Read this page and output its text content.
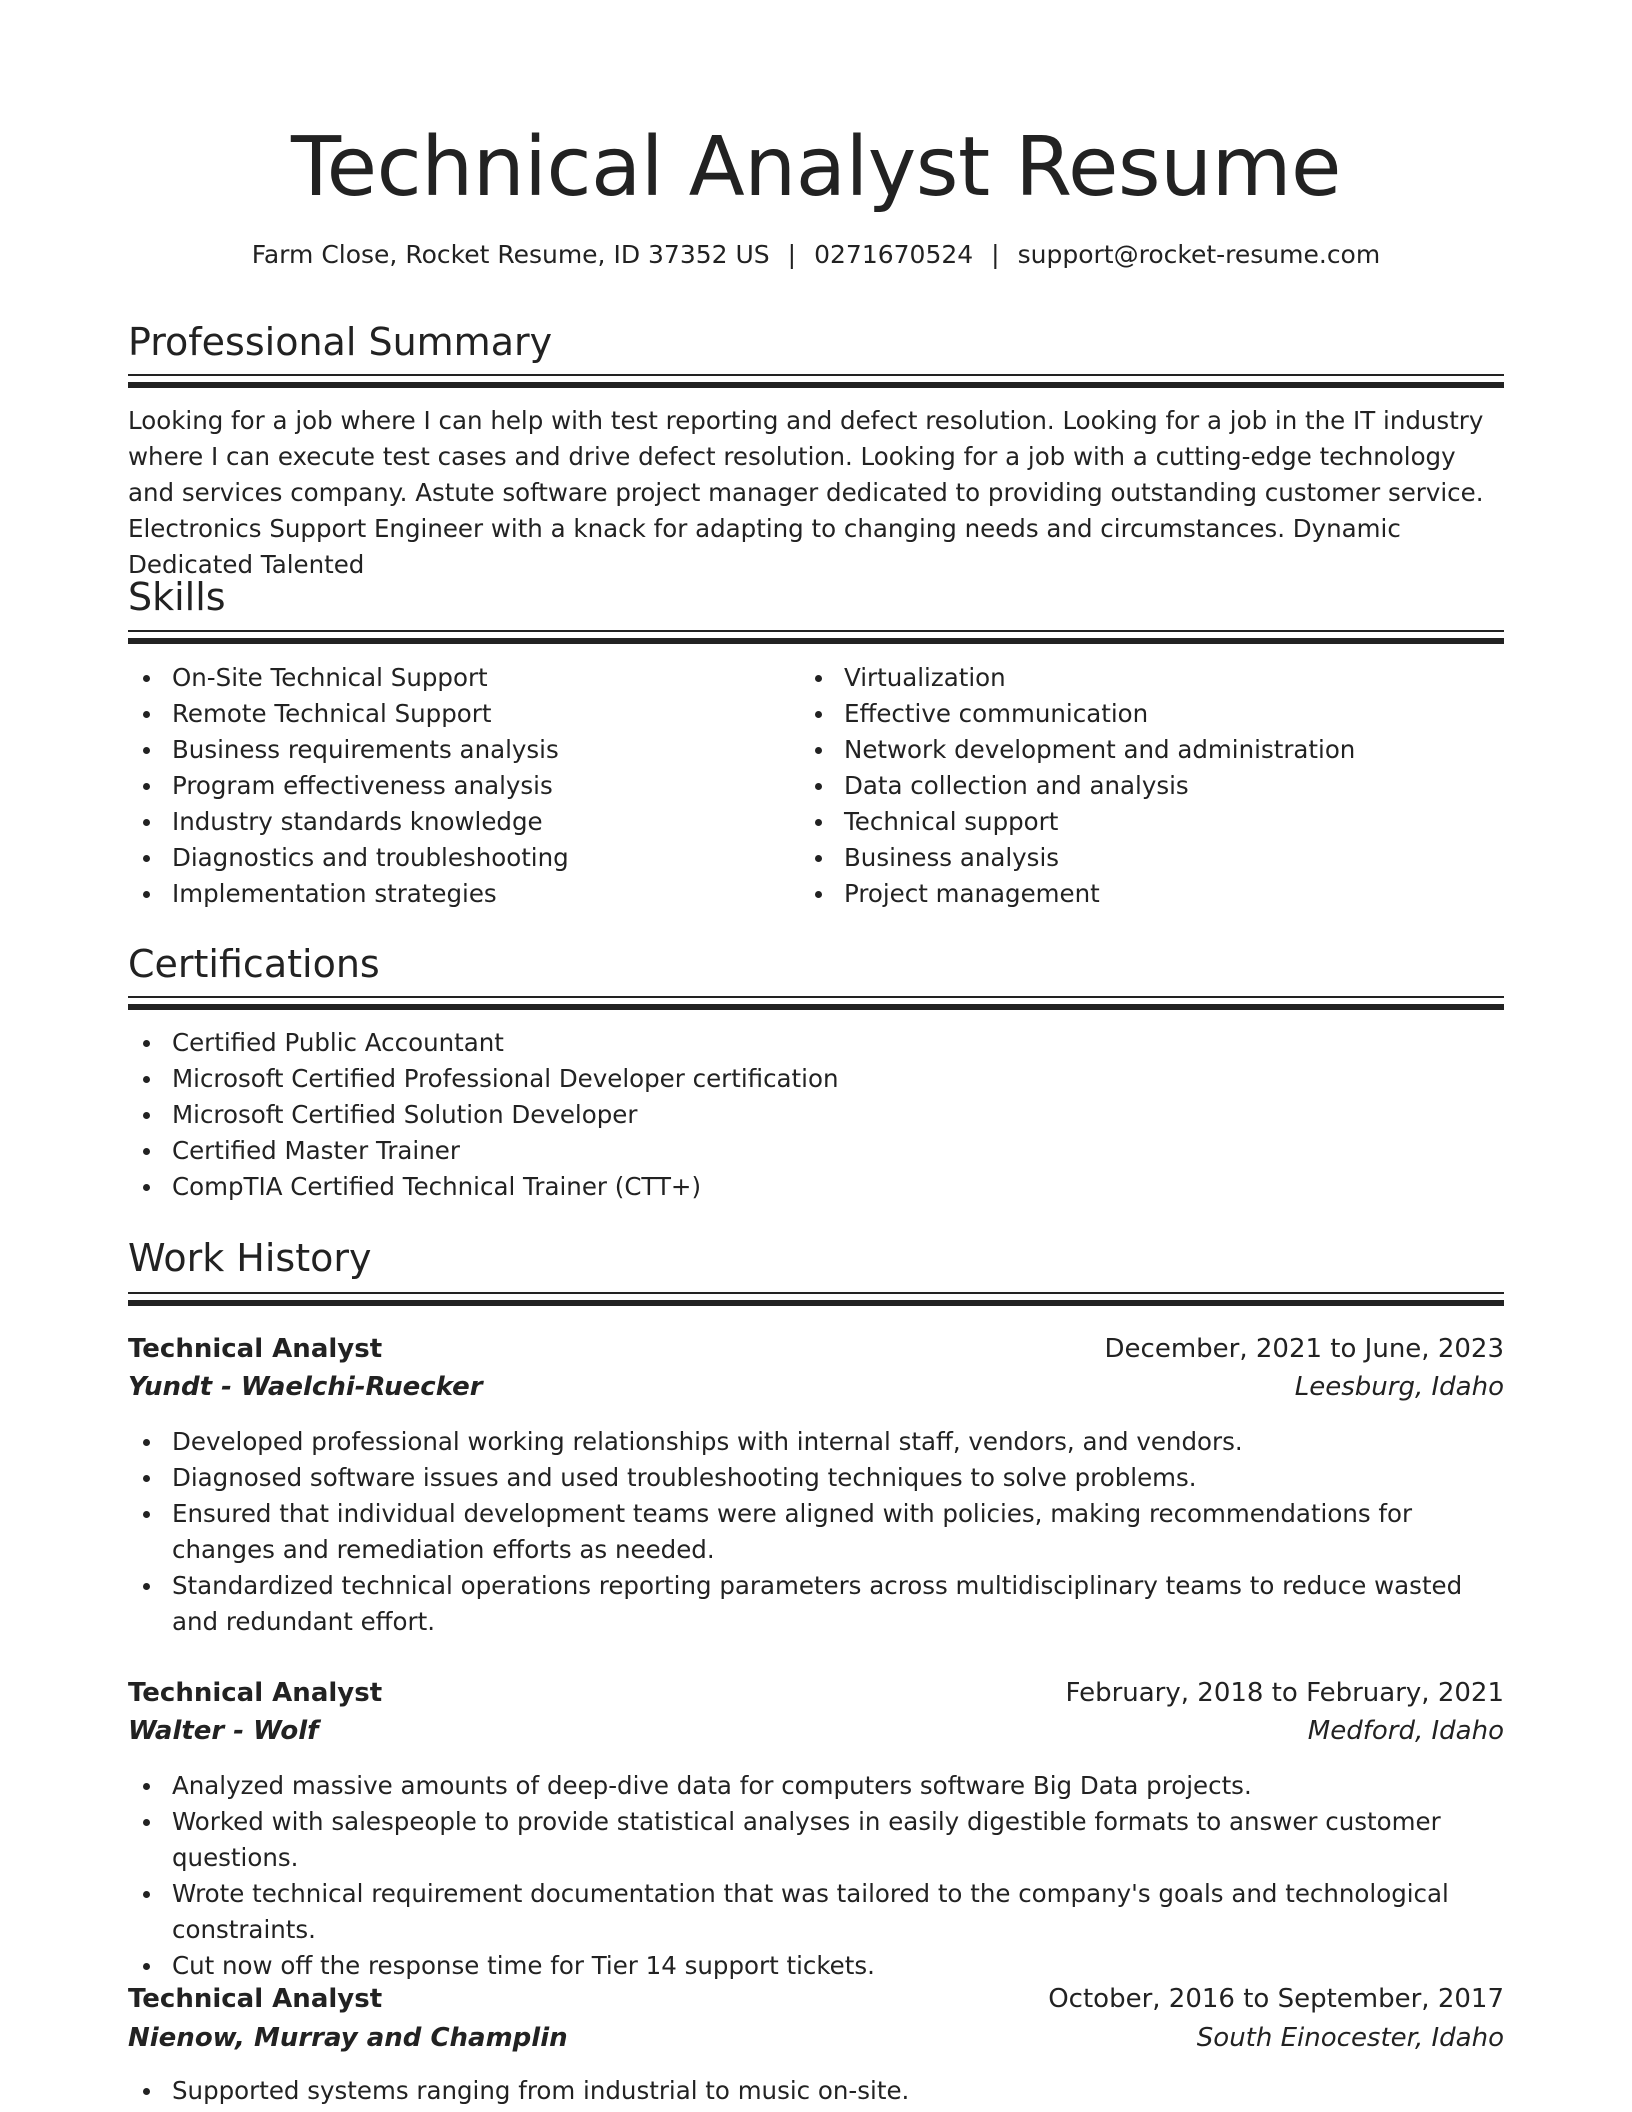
Technical Analyst Resume
Farm Close, Rocket Resume, ID 37352 US | 0271670524 | support@rocket-resume.com
Professional Summary

Looking for a job where I can help with test reporting and defect resolution. Looking for a job in the IT industry where I can execute test cases and drive defect resolution. Looking for a job with a cutting-edge technology and services company. Astute software project manager dedicated to providing outstanding customer service. Electronics Support Engineer with a knack for adapting to changing needs and circumstances. Dynamic Dedicated Talented

Skills
On-Site Technical Support
Remote Technical Support
Business requirements analysis
Program effectiveness analysis
Industry standards knowledge
Diagnostics and troubleshooting
Implementation strategies
Virtualization
Effective communication
Network development and administration
Data collection and analysis
Technical support
Business analysis
Project management
Certifications
Certified Public Accountant
Microsoft Certified Professional Developer certification
Microsoft Certified Solution Developer
Certified Master Trainer
CompTIA Certified Technical Trainer (CTT+)
Work History
Technical Analyst	December, 2021 to June, 2023
Yundt - Waelchi-Ruecker	Leesburg, Idaho
Developed professional working relationships with internal staff, vendors, and vendors.
Diagnosed software issues and used troubleshooting techniques to solve problems.
Ensured that individual development teams were aligned with policies, making recommendations for changes and remediation efforts as needed.
Standardized technical operations reporting parameters across multidisciplinary teams to reduce wasted and redundant effort.
Technical Analyst	February, 2018 to February, 2021
Walter - Wolf	Medford, Idaho
Analyzed massive amounts of deep-dive data for computers software Big Data projects.
Worked with salespeople to provide statistical analyses in easily digestible formats to answer customer questions.
Wrote technical requirement documentation that was tailored to the company's goals and technological constraints.
Cut now off the response time for Tier 14 support tickets.
Technical Analyst	October, 2016 to September, 2017
Nienow, Murray and Champlin	South Einocester, Idaho
Supported systems ranging from industrial to music on-site.
